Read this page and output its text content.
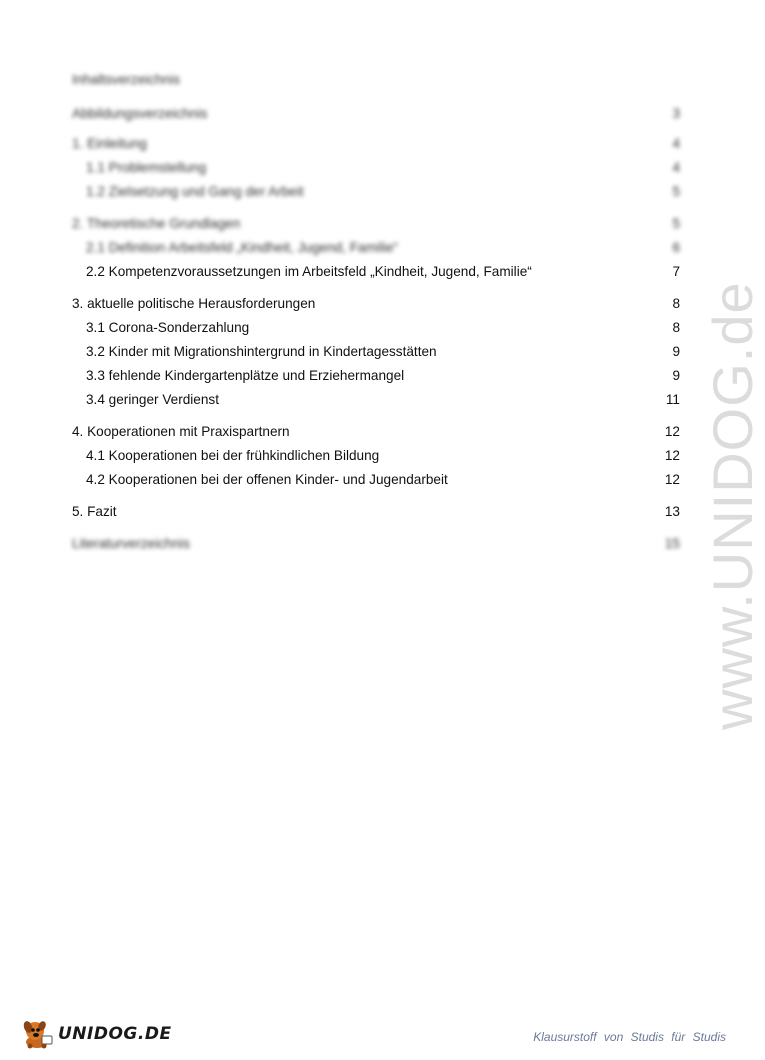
Inhaltsverzeichnis
Abbildungsverzeichnis	3
1. Einleitung	4
1.1 Problemstellung	4
1.2 Zielsetzung und Gang der Arbeit	5
2. Theoretische Grundlagen	5
2.1 Definition Arbeitsfeld „Kindheit, Jugend, Familie“	6
2.2 Kompetenzvoraussetzungen im Arbeitsfeld „Kindheit, Jugend, Familie“	7
3. aktuelle politische Herausforderungen	8
3.1 Corona-Sonderzahlung	8
3.2 Kinder mit Migrationshintergrund in Kindertagesstätten	9
3.3 fehlende Kindergartenplätze und Erziehermangel	9
3.4 geringer Verdienst	11
4. Kooperationen mit Praxispartnern	12
4.1 Kooperationen bei der frühkindlichen Bildung	12
4.2 Kooperationen bei der offenen Kinder- und Jugendarbeit	12
5. Fazit	13
Literaturverzeichnis	15 www.UNIDOG.de
UNIDOG.DE	Klausurstoff von Studis für Studis
